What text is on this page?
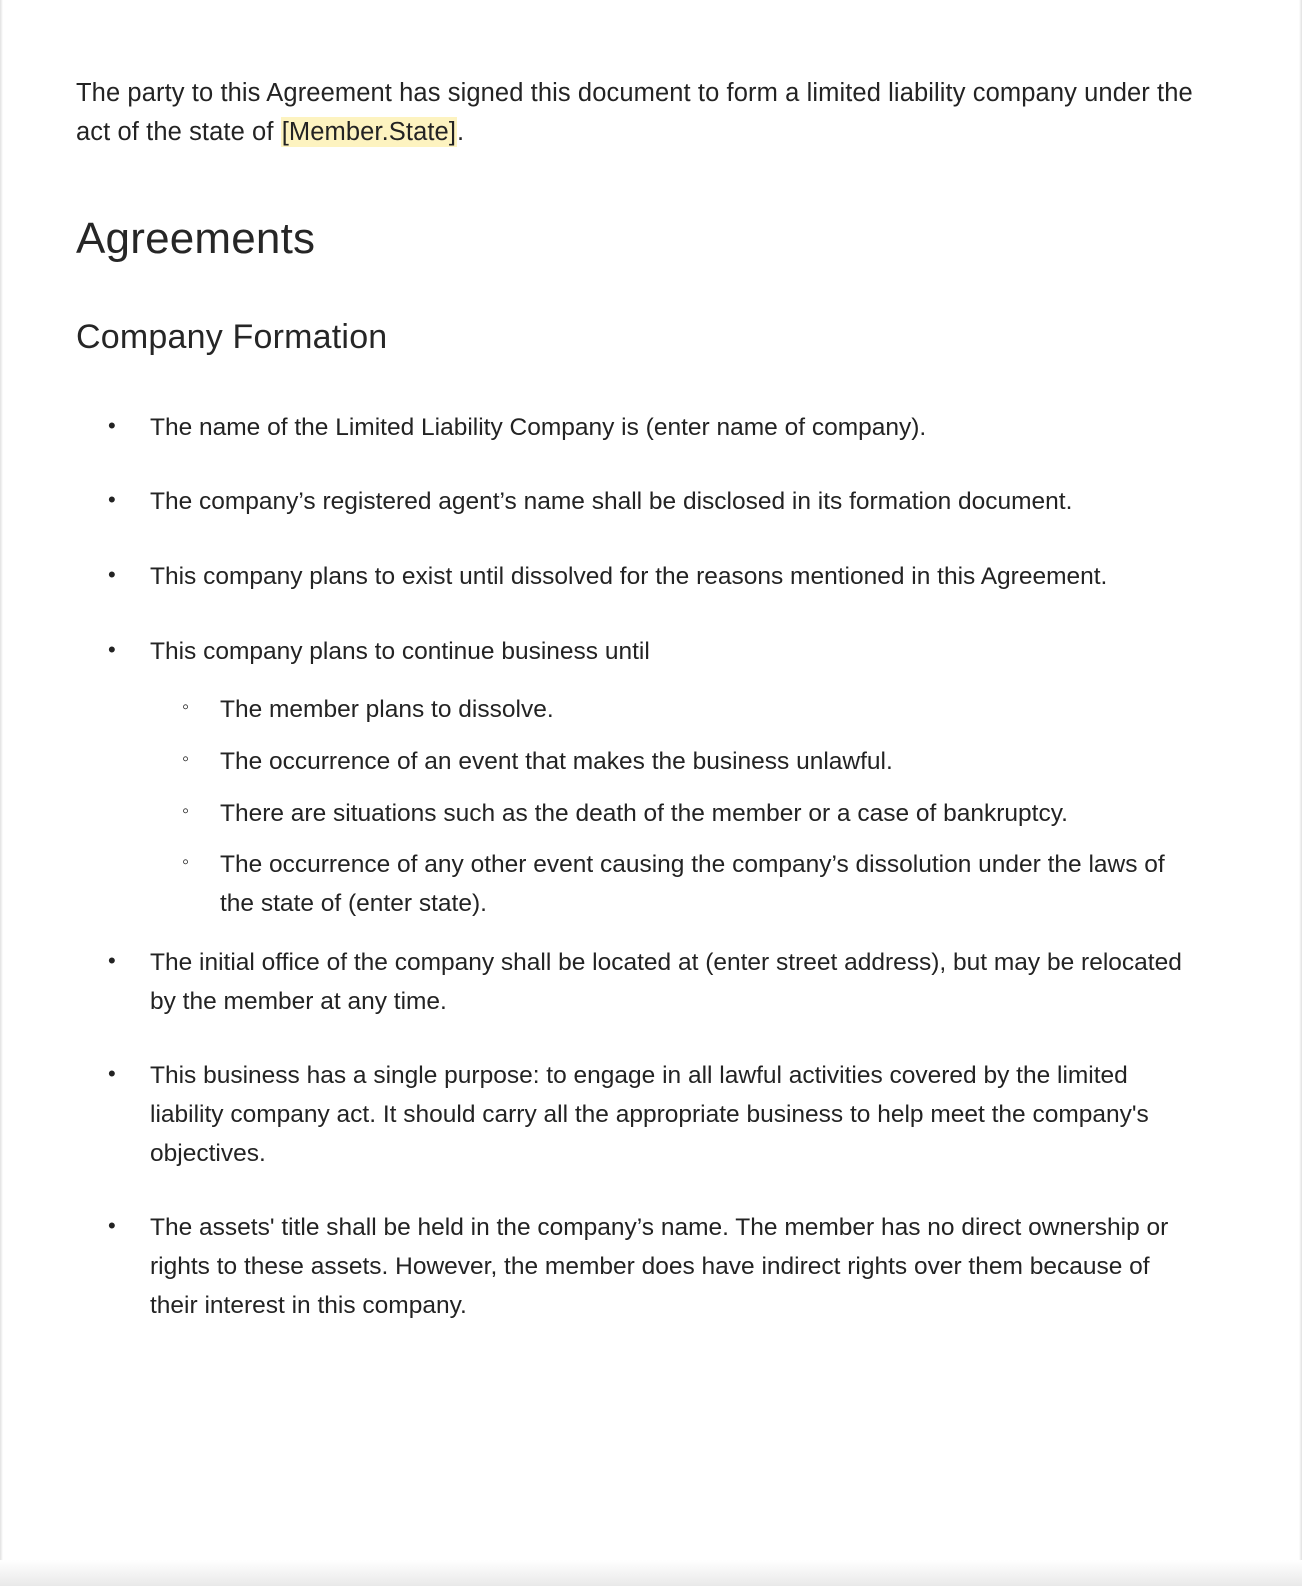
The party to this Agreement has signed this document to form a limited liability company under the act of the state of [Member.State].

Agreements
Company Formation
• The name of the Limited Liability Company is (enter name of company).
• The company’s registered agent’s name shall be disclosed in its formation document.
• This company plans to exist until dissolved for the reasons mentioned in this Agreement.
• This company plans to continue business until
◦ The member plans to dissolve.
◦ The occurrence of an event that makes the business unlawful.
◦ There are situations such as the death of the member or a case of bankruptcy.
◦ The occurrence of any other event causing the company’s dissolution under the laws of the state of (enter state).
• The initial office of the company shall be located at (enter street address), but may be relocated by the member at any time.
• This business has a single purpose: to engage in all lawful activities covered by the limited liability company act. It should carry all the appropriate business to help meet the company's objectives.
• The assets' title shall be held in the company’s name. The member has no direct ownership or rights to these assets. However, the member does have indirect rights over them because of their interest in this company.
